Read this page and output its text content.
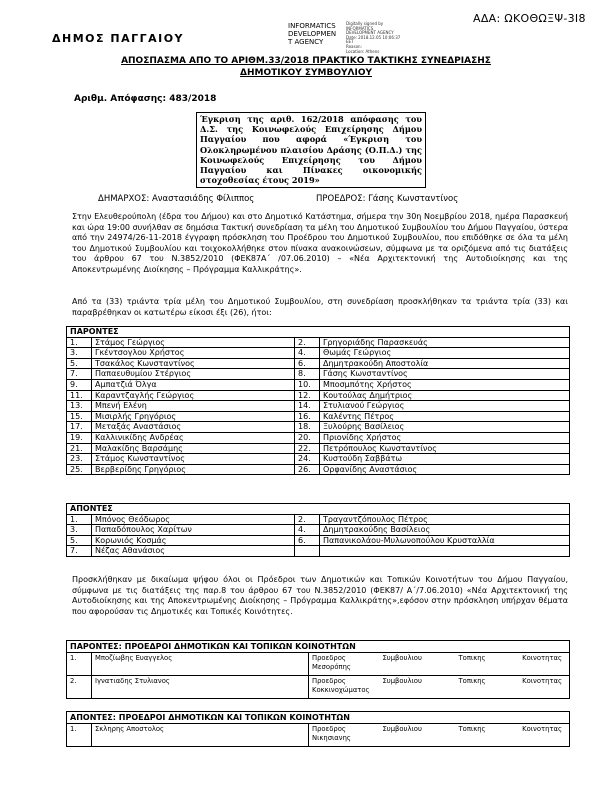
ΑΔΑ: ΩΚΟΘΩΞΨ-3Ι8
ΔΗΜΟΣ ΠΑΓΓΑΙΟΥ
INFORMATICS
DEVELOPMEN
T AGENCY
Digitally signed by
INFORMATICS
DEVELOPMENT AGENCY
Date: 2018.12.05 10:06:37
EET
Reason:
Location: Athens
ΑΠΟΣΠΑΣΜΑ ΑΠΟ ΤΟ ΑΡΙΘΜ.33/2018 ΠΡΑΚΤΙΚΟ ΤΑΚΤΙΚΗΣ ΣΥΝΕΔΡΙΑΣΗΣ
ΔΗΜΟΤΙΚΟΥ ΣΥΜΒΟΥΛΙΟΥ
Αριθμ. Απόφασης: 483/2018
Έγκριση της αριθ. 162/2018 απόφασης του Δ.Σ. της Κοινωφελούς Επιχείρησης Δήμου Παγγαίου που αφορά «Έγκριση του Ολοκληρωμένου πλαισίου Δράσης (Ο.Π.Δ.) της Κοινωφελούς Επιχείρησης του Δήμου Παγγαίου και Πίνακες οικονομικής στοχοθεσίας έτους 2019»
ΔΗΜΑΡΧΟΣ: Αναστασιάδης Φίλιππος	ΠΡΟΕΔΡΟΣ: Γάσης Κωνσταντίνος
Στην Ελευθερούπολη (έδρα του Δήμου) και στο Δημοτικό Κατάστημα, σήμερα την 30η Νοεμβρίου 2018, ημέρα Παρασκευή και ώρα 19:00 συνήλθαν σε δημόσια Τακτική συνεδρίαση τα μέλη του Δημοτικού Συμβουλίου του Δήμου Παγγαίου, ύστερα από την 24974/26-11-2018 έγγραφη πρόσκληση του Προέδρου του Δημοτικού Συμβουλίου, που επιδόθηκε σε όλα τα μέλη του Δημοτικού Συμβουλίου και τοιχοκολλήθηκε στον πίνακα ανακοινώσεων, σύμφωνα με τα οριζόμενα από τις διατάξεις του άρθρου 67 του Ν.3852/2010 (ΦΕΚ87Α΄ /07.06.2010) – «Νέα Αρχιτεκτονική της Αυτοδιοίκησης και της Αποκεντρωμένης Διοίκησης – Πρόγραμμα Καλλικράτης».
Από τα (33) τριάντα τρία μέλη του Δημοτικού Συμβουλίου, στη συνεδρίαση προσκλήθηκαν τα τριάντα τρία (33) και παραβρέθηκαν οι κατωτέρω είκοσι έξι (26), ήτοι:
ΠΑΡΟΝΤΕΣ			
1.	Στάμος Γεώργιος	2.	Γρηγοριάδης Παρασκευάς
3.	Γκέντσογλου Χρήστος	4.	Θωμάς Γεώργιος
5.	Τσακάλος Κωνσταντίνος	6.	Δημητρακούδη Αποστολία
7.	Παπαευθυμίου Στέργιος	8.	Γάσης Κωνσταντίνος
9.	Αμπατζιά Όλγα	10.	Μποσμπότης Χρήστος
11.	Καραντζαγλής Γεώργιος	12.	Κουτούλας Δημήτριος
13.	Μπενή Ελένη	14.	Στυλιανού Γεώργιος
15.	Μισιρλής Γρηγόριος	16.	Καλέντης Πέτρος
17.	Μεταξάς Αναστάσιος	18.	Ξυλούρης Βασίλειος
19.	Καλλινικίδης Ανδρέας	20.	Πριονίδης Χρήστος
21.	Μαλακίδης Βαρσάμης	22.	Πετρόπουλος Κωνσταντίνος
23.	Στάμος Κωνσταντίνος	24.	Κυστούδη Σαββάτω
25.	Βερβερίδης Γρηγόριος	26.	Ορφανίδης Αναστάσιος
ΑΠΟΝΤΕΣ			
1.	Μπόνος Θεόδωρος	2.	Τραγαντζόπουλος Πέτρος
3.	Παπαδόπουλος Χαρίτων	4.	Δημητρακούδης Βασίλειος
5.	Κορωνιός Κοσμάς	6.	Παπανικολάου-Μυλωνοπούλου Κρυσταλλία
7.	Νέζας Αθανάσιος		
Προσκλήθηκαν με δικαίωμα ψήφου όλοι οι Πρόεδροι των Δημοτικών και Τοπικών Κοινοτήτων του Δήμου Παγγαίου, σύμφωνα με τις διατάξεις της παρ.8 του άρθρου 67 του Ν.3852/2010 (ΦΕΚ87/ Α΄/7.06.2010) «Νέα Αρχιτεκτονική της Αυτοδιοίκησης και της Αποκεντρωμένης Διοίκησης – Πρόγραμμα Καλλικράτης»,εφόσον στην πρόσκληση υπήρχαν θέματα που αφορούσαν τις Δημοτικές και Τοπικές Κοινότητες.
ΠΑΡΟΝΤΕΣ: ΠΡΟΕΔΡΟΙ ΔΗΜΟΤΙΚΩΝ ΚΑΙ ΤΟΠΙΚΩΝ ΚΟΙΝΟΤΗΤΩΝ		
1.	Μποζίωβης Ευαγγελος	Προεδρος Συμβουλιου Τοπικης Κοινοτητας
Μεσορόπης

2.	Ιγνατιαδης Στυλιανος	Προεδρος Συμβουλιου Τοπικης Κοινοτητας
Κοκκινοχώματος
ΑΠΟΝΤΕΣ: ΠΡΟΕΔΡΟΙ ΔΗΜΟΤΙΚΩΝ ΚΑΙ ΤΟΠΙΚΩΝ ΚΟΙΝΟΤΗΤΩΝ
1.	Σκληρης Αποστολος	Προεδρος	Συμβουλιου	Τοπικης	Κοινοτητας
Νικησιανης
